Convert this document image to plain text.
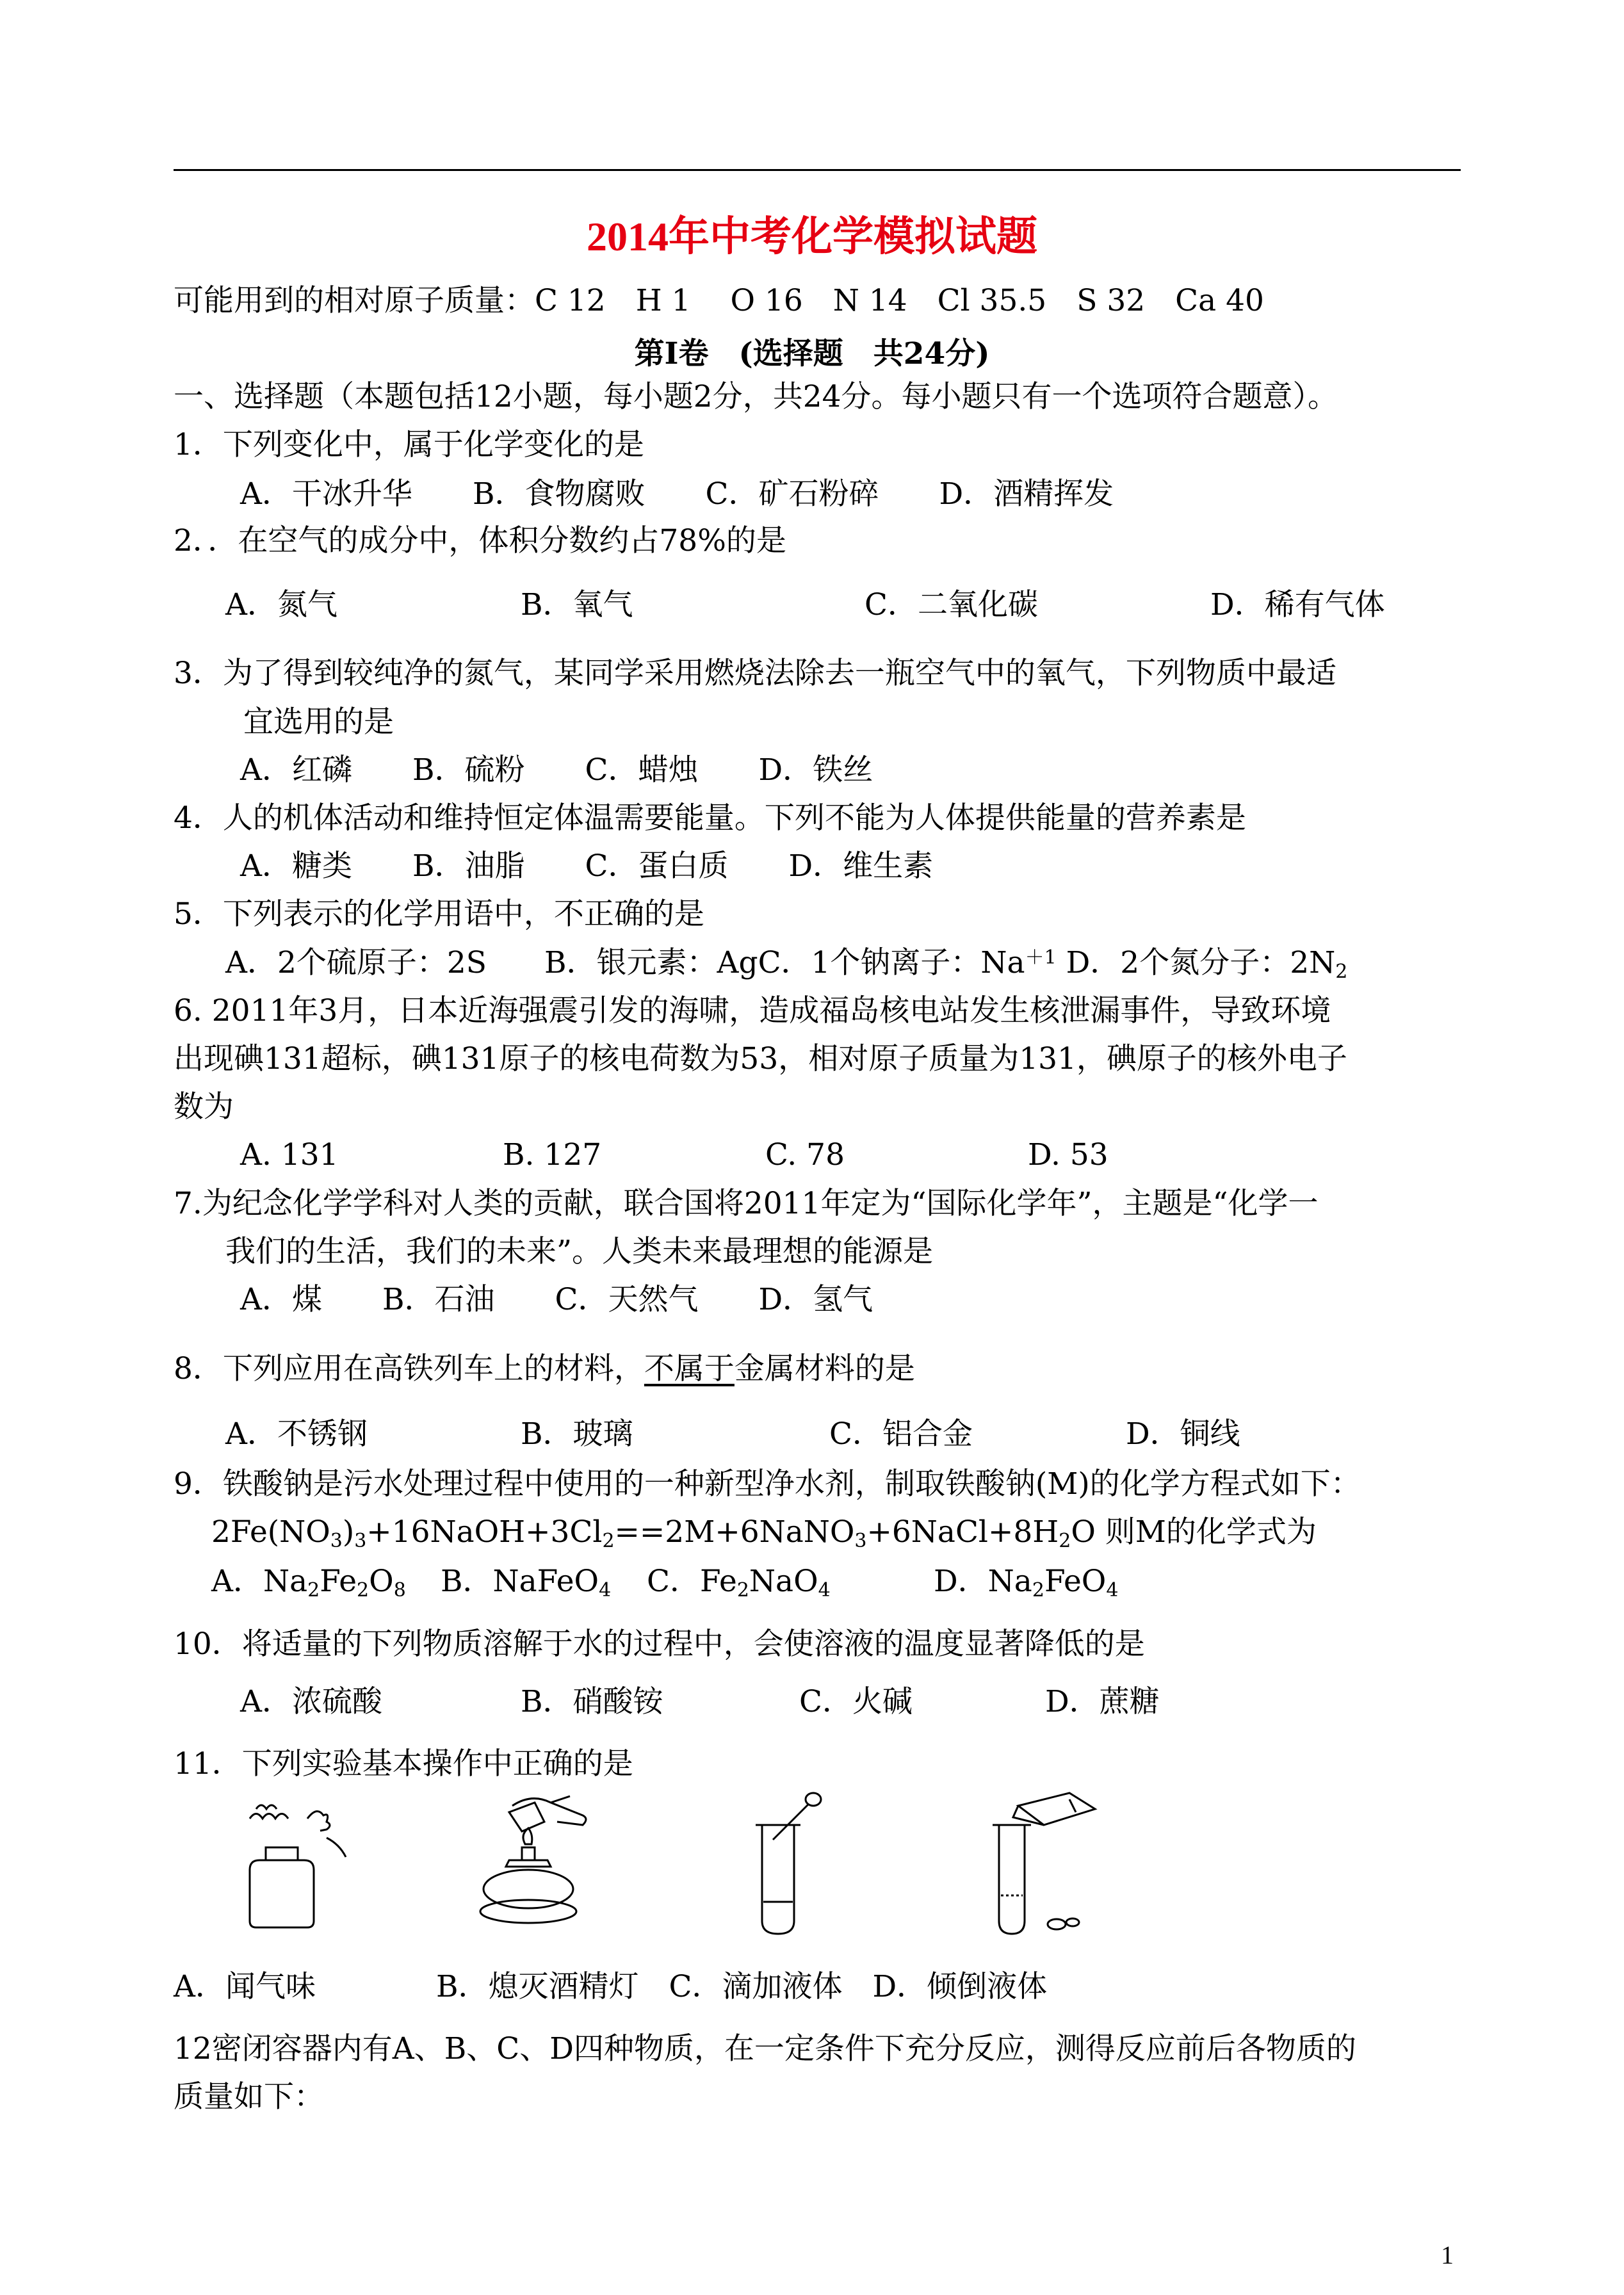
2014年中考化学模拟试题
可能用到的相对原子质量：C 12　H 1　 O 16　N 14　Cl 35.5　S 32　Ca 40
第Ⅰ卷　(选择题　共24分)
一、选择题（本题包括12小题，每小题2分，共24分。每小题只有一个选项符合题意）。
1．下列变化中，属于化学变化的是
A．干冰升华　　B．食物腐败　　C．矿石粉碎　　D．酒精挥发
2．．在空气的成分中，体积分数约占78%的是
A．氮气	B．氧气	C．二氧化碳	D．稀有气体
3．为了得到较纯净的氮气，某同学采用燃烧法除去一瓶空气中的氧气，下列物质中最适
宜选用的是
A．红磷　　B．硫粉　　C．蜡烛　　D．铁丝
4．人的机体活动和维持恒定体温需要能量。下列不能为人体提供能量的营养素是
A．糖类　　B．油脂　　C．蛋白质　　D．维生素
5．下列表示的化学用语中，不正确的是
A．2个硫原子：2S B．银元素：AgC．1个钠离子：$Na^{+1}$ D．2个氮分子：$2N_2$
6. 2011年3月，日本近海强震引发的海啸，造成福岛核电站发生核泄漏事件，导致环境
出现碘131超标，碘131原子的核电荷数为53，相对原子质量为131，碘原子的核外电子
数为
A. 131	B. 127	C. 78	D. 53
7.为纪念化学学科对人类的贡献，联合国将2011年定为“国际化学年”，主题是“化学一
我们的生活，我们的未来”。人类未来最理想的能源是
A．煤　　B．石油　　C．天然气　　D．氢气
8．下列应用在高铁列车上的材料，不属于金属材料的是
A．不锈钢	B．玻璃	C．铝合金	D．铜线
9．铁酸钠是污水处理过程中使用的一种新型净水剂，制取铁酸钠(M)的化学方程式如下：
$2Fe(NO_3)_3+16NaOH+3Cl_2==2M+6NaNO_3+6NaCl+8H_2O$ 则M的化学式为
A．$Na_2Fe_2O_8$ B．NaFeO$_4$ C．$Fe_2NaO_4$	D．$Na_2FeO_4$
10．将适量的下列物质溶解于水的过程中，会使溶液的温度显著降低的是
A．浓硫酸	B．硝酸铵	C．火碱	D．蔗糖
11．下列实验基本操作中正确的是
A．闻气味　　　　B．熄灭酒精灯　C．滴加液体　D．倾倒液体
12密闭容器内有A、B、C、D四种物质，在一定条件下充分反应，测得反应前后各物质的
质量如下：
1
